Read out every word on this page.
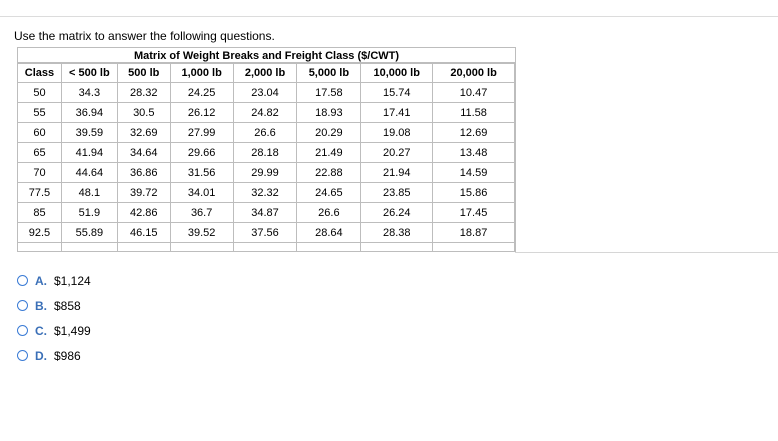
Use the matrix to answer the following questions.
Matrix of Weight Breaks and Freight Class ($/CWT)
Class	< 500 lb	500 lb	1,000 lb	2,000 lb	5,000 lb	10,000 lb	20,000 lb
50	34.3	28.32	24.25	23.04	17.58	15.74	10.47
55	36.94	30.5	26.12	24.82	18.93	17.41	11.58
60	39.59	32.69	27.99	26.6	20.29	19.08	12.69
65	41.94	34.64	29.66	28.18	21.49	20.27	13.48
70	44.64	36.86	31.56	29.99	22.88	21.94	14.59
77.5	48.1	39.72	34.01	32.32	24.65	23.85	15.86
85	51.9	42.86	36.7	34.87	26.6	26.24	17.45
92.5	55.89	46.15	39.52	37.56	28.64	28.38	18.87

A. $1,124
B. $858
C. $1,499
D. $986
